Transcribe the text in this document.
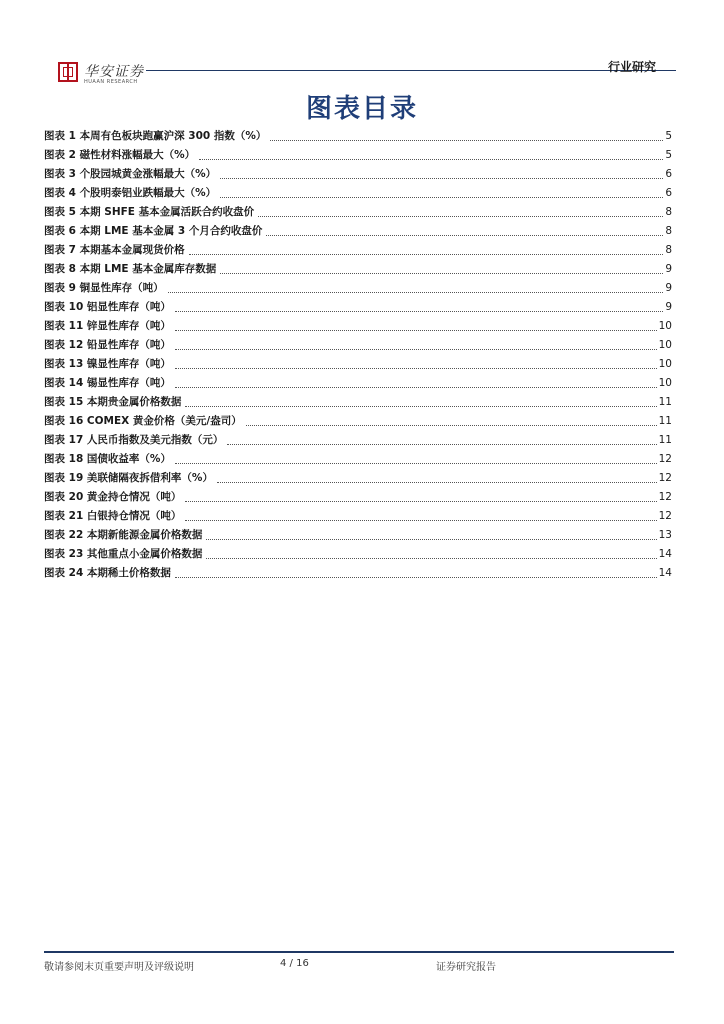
华安证券
HUAAN RESEARCH
行业研究
图表目录
图表 1 本周有色板块跑赢沪深 300 指数（%）	5
图表 2 磁性材料涨幅最大（%）	5
图表 3 个股园城黄金涨幅最大（%）	6
图表 4 个股明泰铝业跌幅最大（%）	6
图表 5 本期 SHFE 基本金属活跃合约收盘价	8
图表 6 本期 LME 基本金属 3 个月合约收盘价	8
图表 7 本期基本金属现货价格	8
图表 8 本期 LME 基本金属库存数据	9
图表 9 铜显性库存（吨）	9
图表 10 铝显性库存（吨）	9
图表 11 锌显性库存（吨）	10
图表 12 铅显性库存（吨）	10
图表 13 镍显性库存（吨）	10
图表 14 锡显性库存（吨）	10
图表 15 本期贵金属价格数据	11
图表 16 COMEX 黄金价格（美元/盎司）	11
图表 17 人民币指数及美元指数（元）	11
图表 18 国债收益率（%）	12
图表 19 美联储隔夜拆借利率（%）	12
图表 20 黄金持仓情况（吨）	12
图表 21 白银持仓情况（吨）	12
图表 22 本期新能源金属价格数据	13
图表 23 其他重点小金属价格数据	14
图表 24 本期稀土价格数据	14
敬请参阅末页重要声明及评级说明	4 / 16	证券研究报告
